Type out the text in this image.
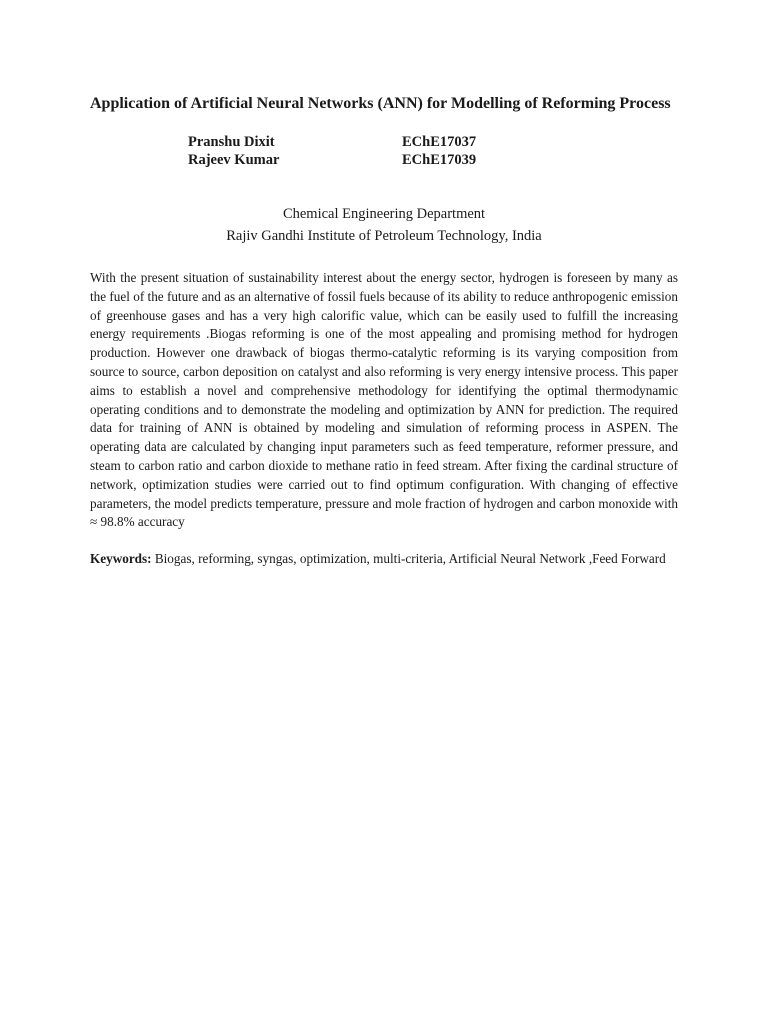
Application of Artificial Neural Networks (ANN) for Modelling of Reforming Process
Pranshu Dixit	EChE17037
Rajeev Kumar	EChE17039
Chemical Engineering Department
Rajiv Gandhi Institute of Petroleum Technology, India

With the present situation of sustainability interest about the energy sector, hydrogen is foreseen by many as the fuel of the future and as an alternative of fossil fuels because of its ability to reduce anthropogenic emission of greenhouse gases and has a very high calorific value, which can be easily used to fulfill the increasing energy requirements .Biogas reforming is one of the most appealing and promising method for hydrogen production. However one drawback of biogas thermo-catalytic reforming is its varying composition from source to source, carbon deposition on catalyst and also reforming is very energy intensive process. This paper aims to establish a novel and comprehensive methodology for identifying the optimal thermodynamic operating conditions and to demonstrate the modeling and optimization by ANN for prediction. The required data for training of ANN is obtained by modeling and simulation of reforming process in ASPEN. The operating data are calculated by changing input parameters such as feed temperature, reformer pressure, and steam to carbon ratio and carbon dioxide to methane ratio in feed stream. After fixing the cardinal structure of network, optimization studies were carried out to find optimum configuration. With changing of effective parameters, the model predicts temperature, pressure and mole fraction of hydrogen and carbon monoxide with ≈ 98.8% accuracy

Keywords: Biogas, reforming, syngas, optimization, multi-criteria, Artificial Neural Network ,Feed Forward
